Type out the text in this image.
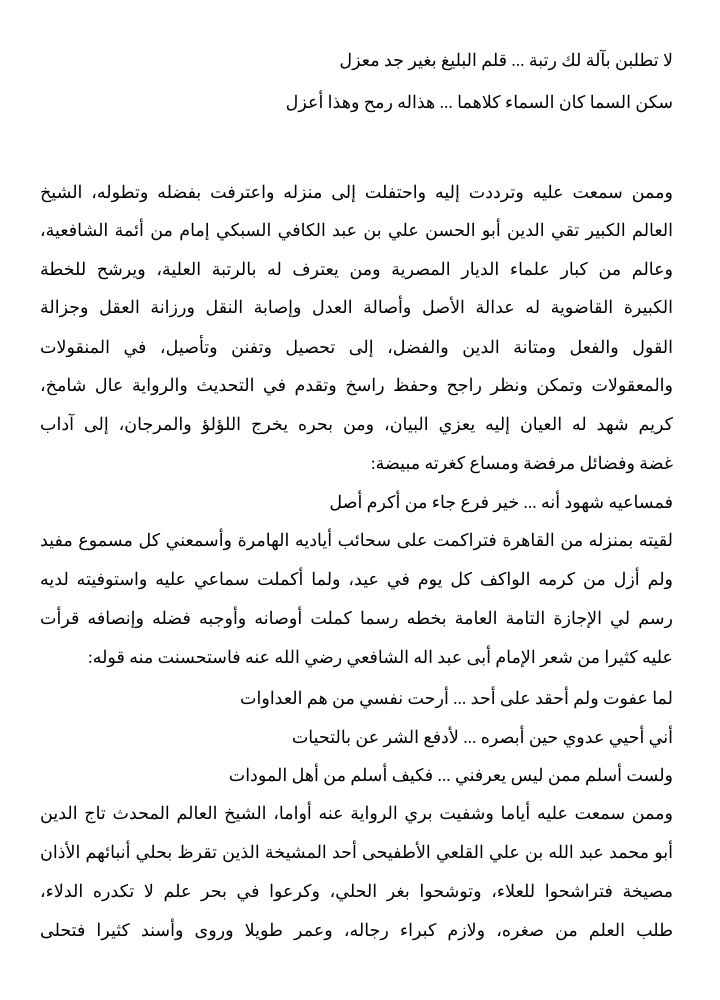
لا تطلبن بآلة لك رتبة ... قلم البليغ بغير جد معزل
سكن السما كان السماء كلاهما ... هذاله رمح وهذا أعزل
وممن سمعت عليه وترددت إليه واحتفلت إلى منزله واعترفت بفضله وتطوله، الشيخ
العالم الكبير تقي الدين أبو الحسن علي بن عبد الكافي السبكي إمام من أئمة الشافعية،
وعالم من كبار علماء الديار المصرية ومن يعترف له بالرتبة العلية، ويرشح للخطة
الكبيرة القاضوية له عدالة الأصل وأصالة العدل وإصابة النقل ورزانة العقل وجزالة
القول والفعل ومتانة الدين والفضل، إلى تحصيل وتفنن وتأصيل، في المنقولات
والمعقولات وتمكن ونظر راجح وحفظ راسخ وتقدم في التحديث والرواية عال شامخ،
كريم شهد له العيان إليه يعزي البيان، ومن بحره يخرج اللؤلؤ والمرجان، إلى آداب
غضة وفضائل مرفضة ومساع كغرته مبيضة:
فمساعيه شهود أنه ... خير فرع جاء من أكرم أصل
لقيته بمنزله من القاهرة فتراكمت على سحائب أياديه الهامرة وأسمعني كل مسموع مفيد
ولم أزل من كرمه الواكف كل يوم في عيد، ولما أكملت سماعي عليه واستوفيته لديه
رسم لي الإجازة التامة العامة بخطه رسما كملت أوصانه وأوجبه فضله وإنصافه قرأت
عليه كثيرا من شعر الإمام أبى عبد اله الشافعي رضي الله عنه فاستحسنت منه قوله:
لما عفوت ولم أحقد على أحد ... أرحت نفسي من هم العداوات
أني أحيي عدوي حين أبصره ... لأدفع الشر عن بالتحيات
ولست أسلم ممن ليس يعرفني ... فكيف أسلم من أهل المودات
وممن سمعت عليه أياما وشفيت بري الرواية عنه أواما، الشيخ العالم المحدث تاج الدين
أبو محمد عبد الله بن علي القلعي الأطفيحى أحد المشيخة الذين تقرظ بحلي أنبائهم الأذان
مصيخة فتراشحوا للعلاء، وتوشحوا بغر الحلي، وكرعوا في بحر علم لا تكدره الدلاء،
طلب العلم من صغره، ولازم كبراء رجاله، وعمر طويلا وروى وأسند كثيرا فتحلى
